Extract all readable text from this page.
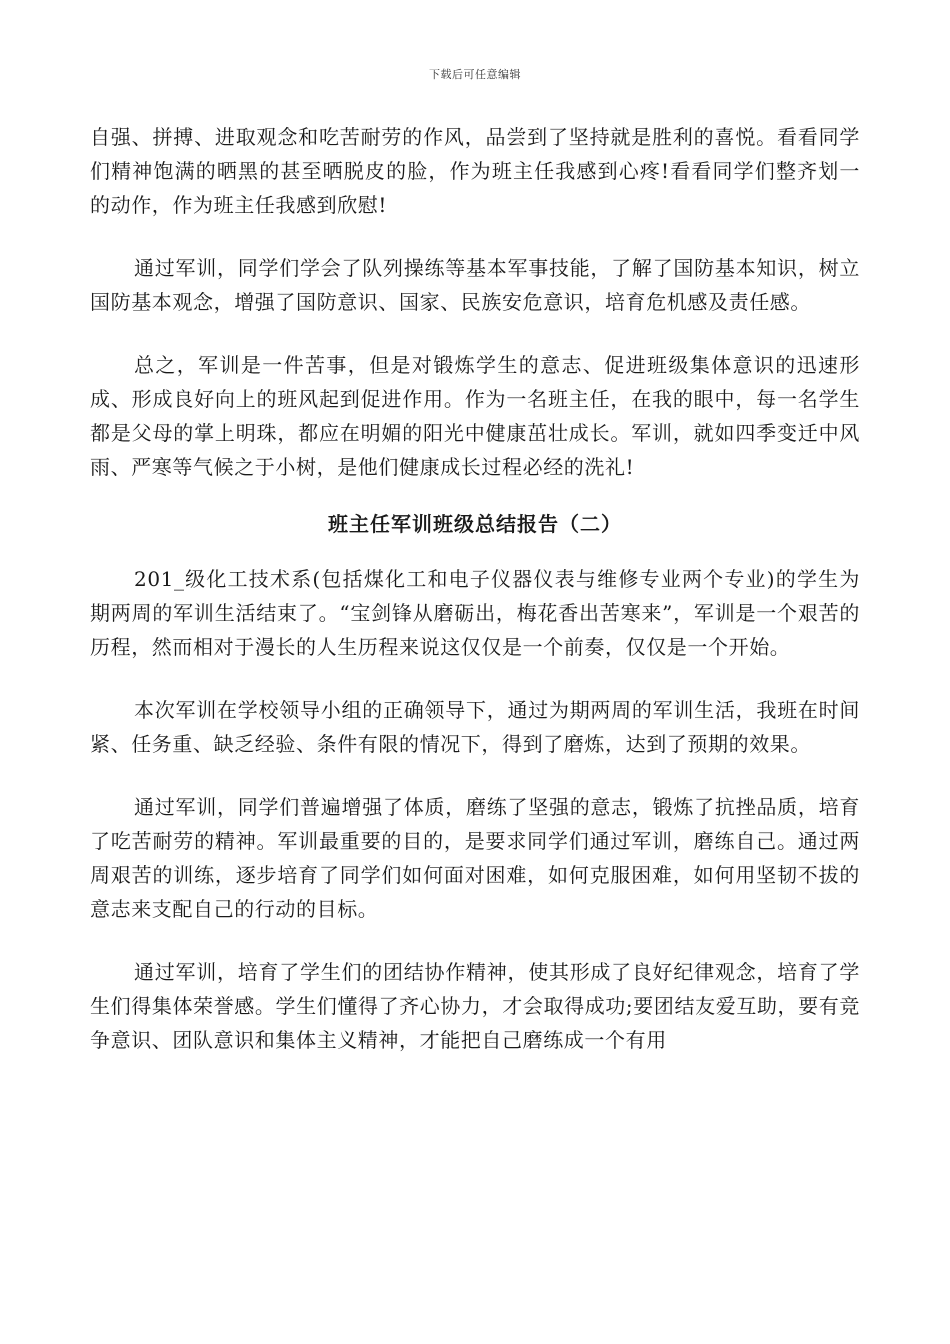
下载后可任意编辑

自强、拼搏、进取观念和吃苦耐劳的作风，品尝到了坚持就是胜利的喜悦。看看同学们精神饱满的晒黑的甚至晒脱皮的脸，作为班主任我感到心疼!看看同学们整齐划一的动作，作为班主任我感到欣慰!

通过军训，同学们学会了队列操练等基本军事技能，了解了国防基本知识，树立国防基本观念，增强了国防意识、国家、民族安危意识，培育危机感及责任感。

总之，军训是一件苦事，但是对锻炼学生的意志、促进班级集体意识的迅速形成、形成良好向上的班风起到促进作用。作为一名班主任，在我的眼中，每一名学生都是父母的掌上明珠，都应在明媚的阳光中健康茁壮成长。军训，就如四季变迁中风雨、严寒等气候之于小树，是他们健康成长过程必经的洗礼!

班主任军训班级总结报告（二）

201_级化工技术系(包括煤化工和电子仪器仪表与维修专业两个专业)的学生为期两周的军训生活结束了。“宝剑锋从磨砺出，梅花香出苦寒来”，军训是一个艰苦的历程，然而相对于漫长的人生历程来说这仅仅是一个前奏，仅仅是一个开始。

本次军训在学校领导小组的正确领导下，通过为期两周的军训生活，我班在时间紧、任务重、缺乏经验、条件有限的情况下，得到了磨炼，达到了预期的效果。

通过军训，同学们普遍增强了体质，磨练了坚强的意志，锻炼了抗挫品质，培育了吃苦耐劳的精神。军训最重要的目的，是要求同学们通过军训，磨练自己。通过两周艰苦的训练，逐步培育了同学们如何面对困难，如何克服困难，如何用坚韧不拔的意志来支配自己的行动的目标。

通过军训，培育了学生们的团结协作精神，使其形成了良好纪律观念，培育了学生们得集体荣誉感。学生们懂得了齐心协力，才会取得成功;要团结友爱互助，要有竞争意识、团队意识和集体主义精神，才能把自己磨练成一个有用
